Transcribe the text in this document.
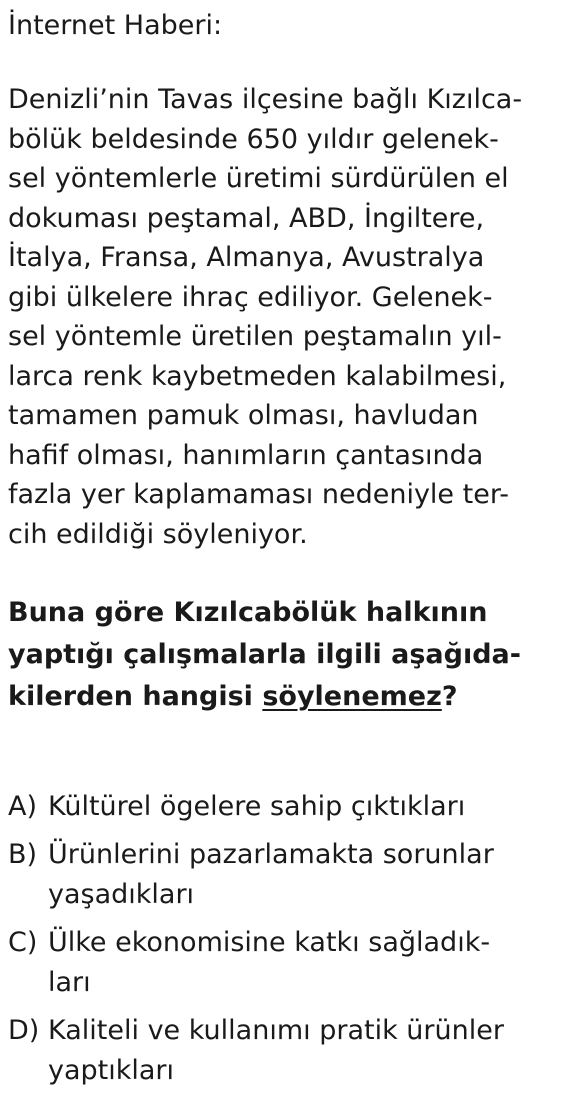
İnternet Haberi:
Denizli’nin Tavas ilçesine bağlı Kızılca-
bölük beldesinde 650 yıldır gelenek-
sel yöntemlerle üretimi sürdürülen el
dokuması peştamal, ABD, İngiltere,
İtalya, Fransa, Almanya, Avustralya
gibi ülkelere ihraç ediliyor. Gelenek-
sel yöntemle üretilen peştamalın yıl-
larca renk kaybetmeden kalabilmesi,
tamamen pamuk olması, havludan
hafif olması, hanımların çantasında
fazla yer kaplamaması nedeniyle ter-
cih edildiği söyleniyor.
Buna göre Kızılcabölük halkının
yaptığı çalışmalarla ilgili aşağıda-
kilerden hangisi söylenemez?
A) Kültürel ögelere sahip çıktıkları
B) Ürünlerini pazarlamakta sorunlar
yaşadıkları
C) Ülke ekonomisine katkı sağladık-
ları
D) Kaliteli ve kullanımı pratik ürünler
yaptıkları
